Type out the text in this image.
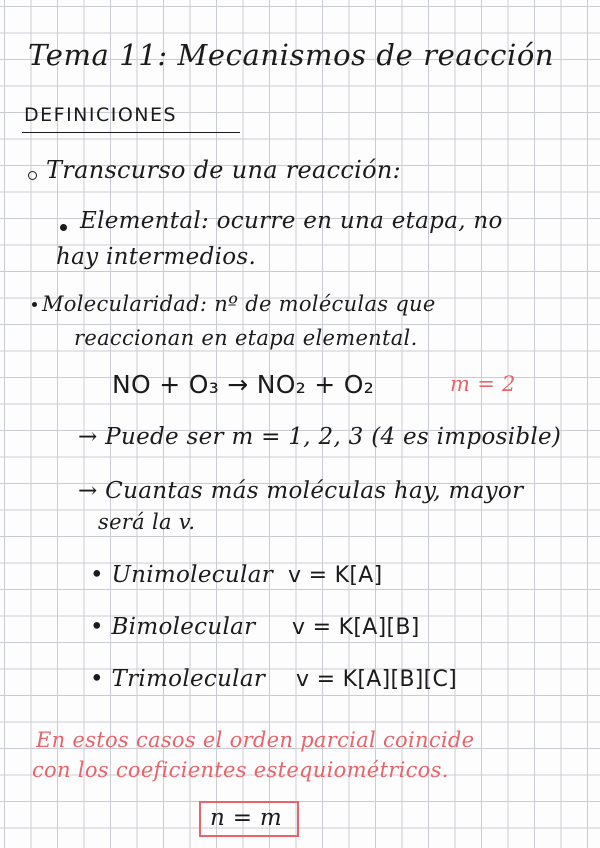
Tema 11: Mecanismos de reacción
DEFINICIONES
Transcurso de una reacción:
Elemental: ocurre en una etapa, no
hay intermedios.
Molecularidad: nº de moléculas que
reaccionan en etapa elemental.
NO + O₃ → NO₂ + O₂	m = 2
→ Puede ser m = 1, 2, 3 (4 es imposible)
→ Cuantas más moléculas hay, mayor
será la v.
• Unimolecular v = K[A]
• Bimolecular v = K[A][B]
• Trimolecular v = K[A][B][C]
En estos casos el orden parcial coincide
con los coeficientes estequiométricos.
n = m
